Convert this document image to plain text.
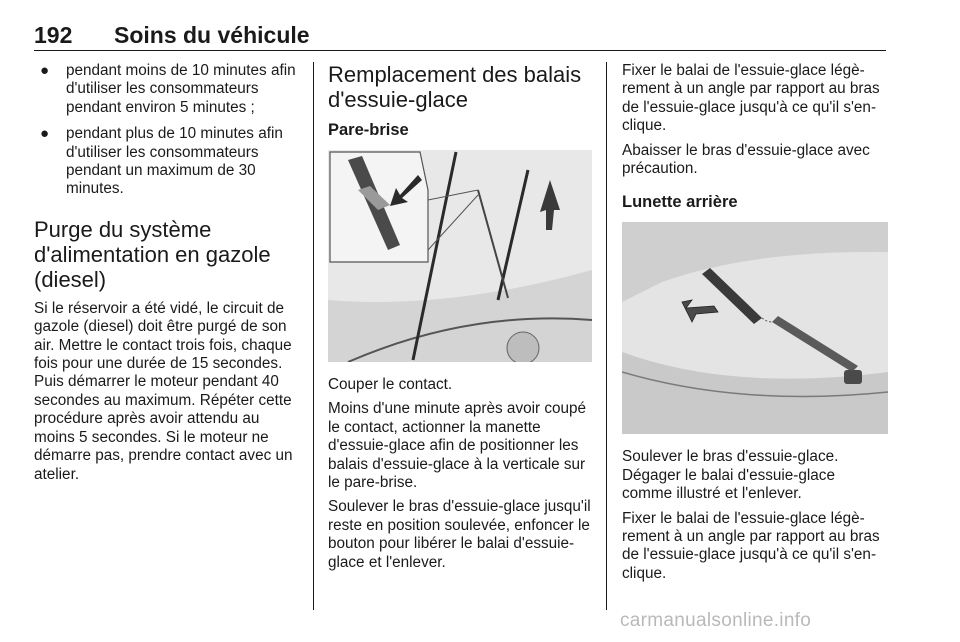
192 Soins du véhicule
● pendant moins de 10 minutes afin d'utiliser les consommateurs pendant environ 5 minutes ;
● pendant plus de 10 minutes afin d'utiliser les consommateurs pendant un maximum de 30 minutes.
Purge du système d'alimentation en gazole (diesel)

Si le réservoir a été vidé, le circuit de gazole (diesel) doit être purgé de son air. Mettre le contact trois fois, chaque fois pour une durée de 15 secondes. Puis démarrer le moteur pendant 40 secondes au maximum. Répéter cette procédure après avoir attendu au moins 5 secondes. Si le moteur ne démarre pas, prendre contact avec un atelier.

Remplacement des balais d'essuie-glace
Pare-brise

Couper le contact.

Moins d'une minute après avoir coupé le contact, actionner la manette d'essuie-glace afin de positionner les balais d'essuie-glace à la verticale sur le pare-brise.

Soulever le bras d'essuie-glace jusqu'il reste en position soulevée, enfoncer le bouton pour libérer le balai d'essuie-glace et l'enlever.

Fixer le balai de l'essuie-glace légèrement à un angle par rapport au bras de l'essuie-glace jusqu'à ce qu'il s'enclique.

Abaisser le bras d'essuie-glace avec précaution.

Lunette arrière

Soulever le bras d'essuie-glace. Dégager le balai d'essuie-glace comme illustré et l'enlever.

Fixer le balai de l'essuie-glace légèrement à un angle par rapport au bras de l'essuie-glace jusqu'à ce qu'il s'enclique.

carmanualsonline.info
